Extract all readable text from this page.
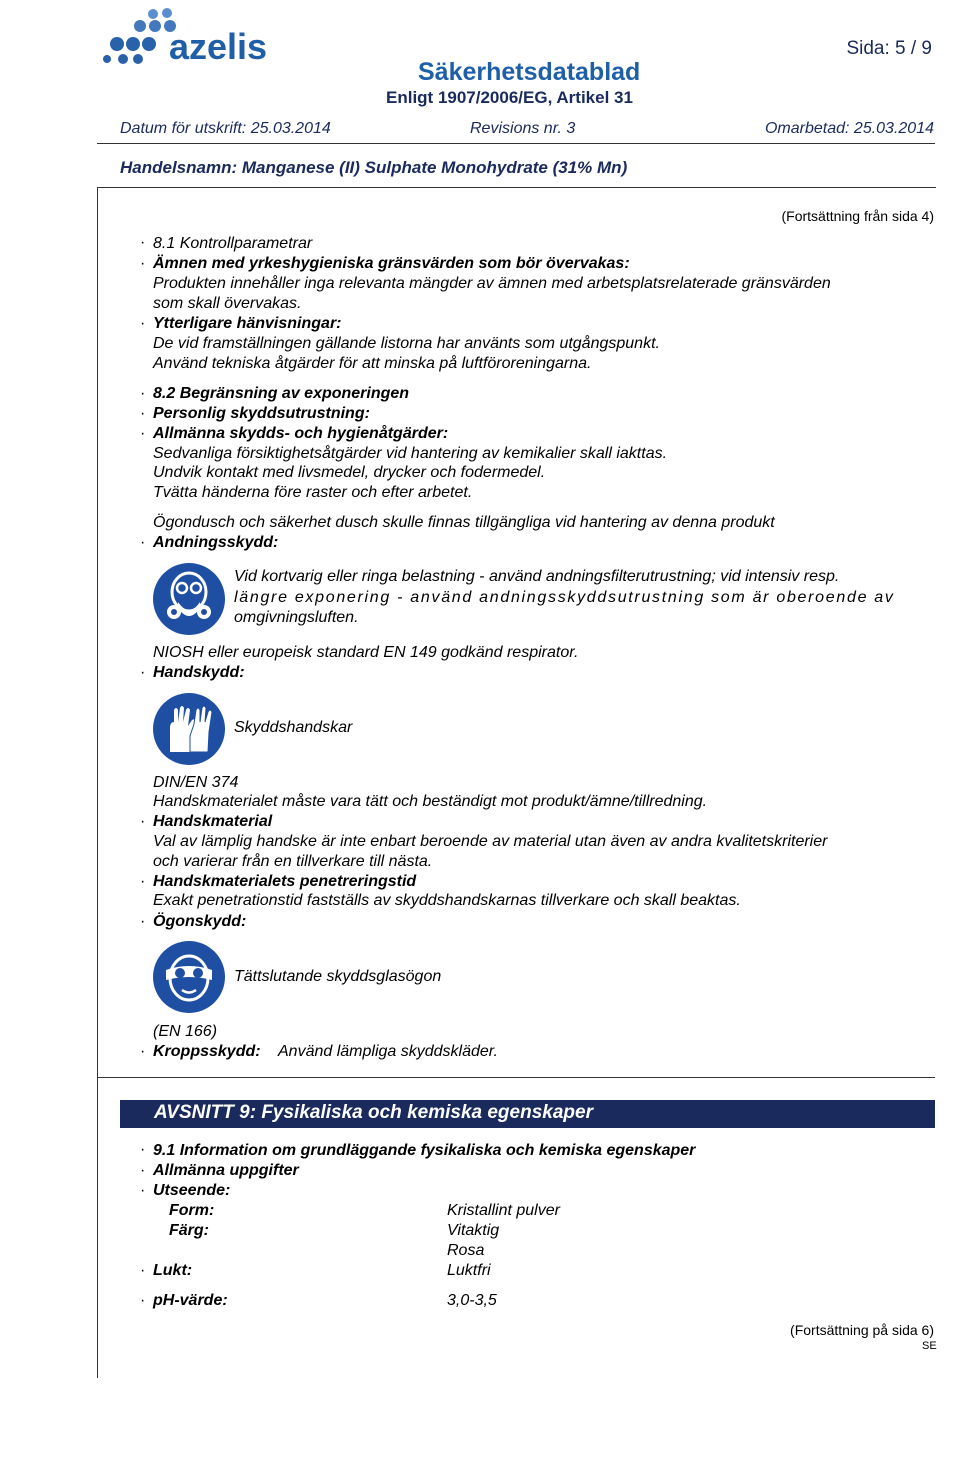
azelis	Sida: 5 / 9
Säkerhetsdatablad
Enligt 1907/2006/EG, Artikel 31
Datum för utskrift: 25.03.2014	Revisions nr. 3	Omarbetad: 25.03.2014
Handelsnamn: Manganese (II) Sulphate Monohydrate (31% Mn)
(Fortsättning från sida 4)
· 8.1 Kontrollparametrar
· Ämnen med yrkeshygieniska gränsvärden som bör övervakas:
Produkten innehåller inga relevanta mängder av ämnen med arbetsplatsrelaterade gränsvärden
som skall övervakas.
· Ytterligare hänvisningar:
De vid framställningen gällande listorna har använts som utgångspunkt.
Använd tekniska åtgärder för att minska på luftföroreningarna.
· 8.2 Begränsning av exponeringen
· Personlig skyddsutrustning:
· Allmänna skydds- och hygienåtgärder:
Sedvanliga försiktighetsåtgärder vid hantering av kemikalier skall iakttas.
Undvik kontakt med livsmedel, drycker och fodermedel.
Tvätta händerna före raster och efter arbetet.
Ögondusch och säkerhet dusch skulle finnas tillgängliga vid hantering av denna produkt
· Andningsskydd:
Vid kortvarig eller ringa belastning - använd andningsfilterutrustning; vid intensiv resp.
längre exponering - använd andningsskyddsutrustning som är oberoende av
omgivningsluften.
NIOSH eller europeisk standard EN 149 godkänd respirator.
· Handskydd:
Skyddshandskar
DIN/EN 374
Handskmaterialet måste vara tätt och beständigt mot produkt/ämne/tillredning.
· Handskmaterial
Val av lämplig handske är inte enbart beroende av material utan även av andra kvalitetskriterier
och varierar från en tillverkare till nästa.
· Handskmaterialets penetreringstid
Exakt penetrationstid fastställs av skyddshandskarnas tillverkare och skall beaktas.
· Ögonskydd:
Tättslutande skyddsglasögon
(EN 166)
· Kroppsskydd: Använd lämpliga skyddskläder.
AVSNITT 9: Fysikaliska och kemiska egenskaper
· 9.1 Information om grundläggande fysikaliska och kemiska egenskaper
· Allmänna uppgifter
· Utseende:
Form:	Kristallint pulver
Färg:	Vitaktig
Rosa
· Lukt:	Luktfri
· pH-värde:	3,0-3,5
(Fortsättning på sida 6)
SE
